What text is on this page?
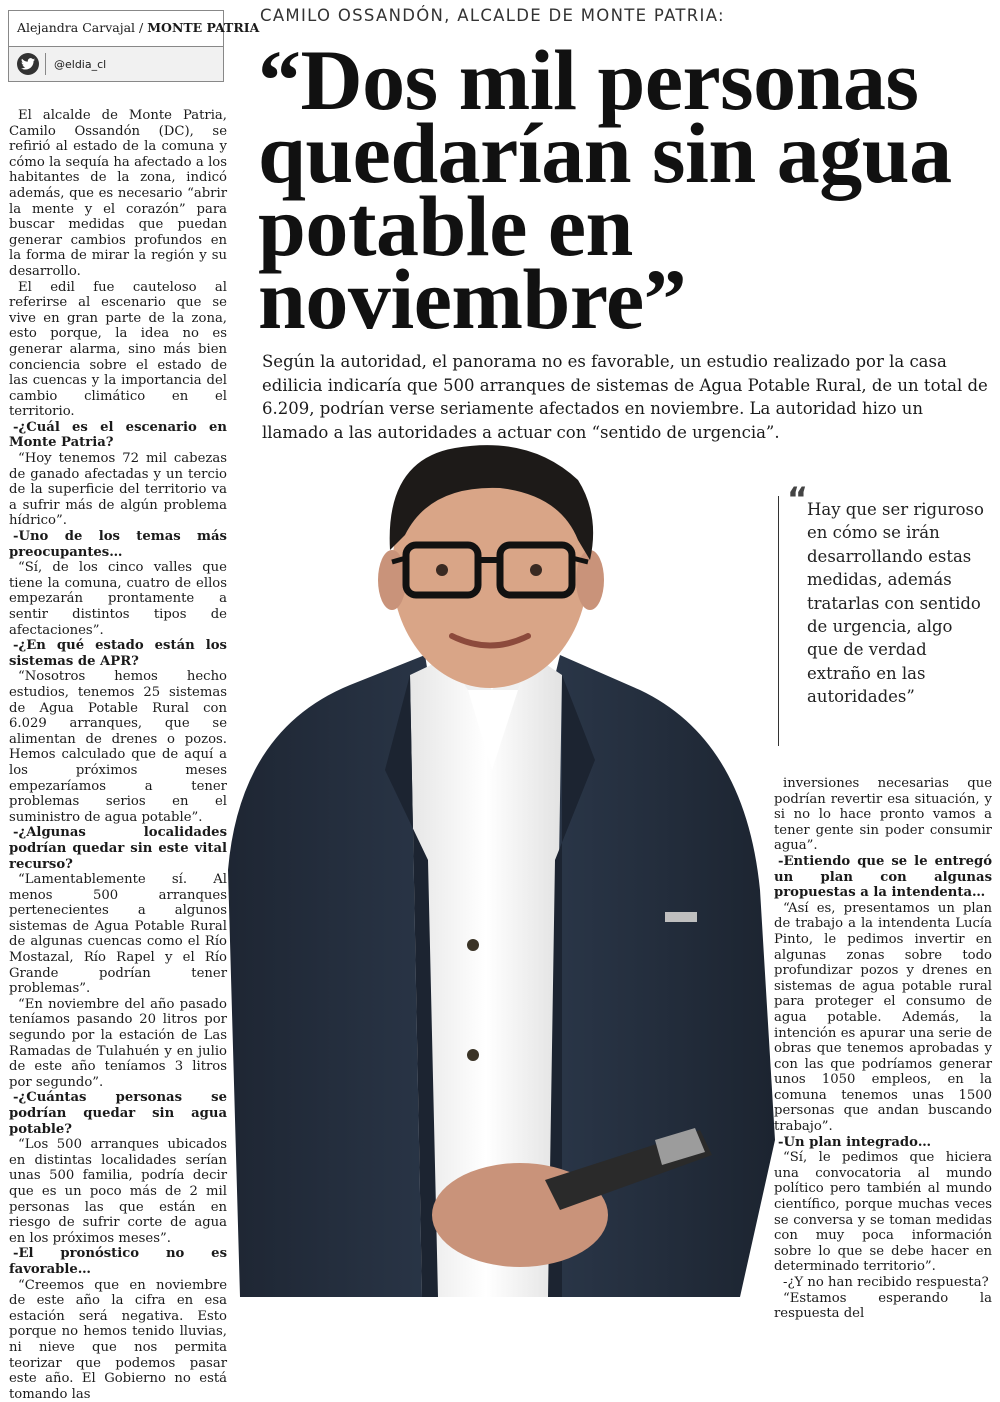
Alejandra Carvajal / MONTE PATRIA
@eldia_cl
CAMILO OSSANDÓN, ALCALDE DE MONTE PATRIA:
“Dos mil personas quedarían sin agua potable en noviembre”

Según la autoridad, el panorama no es favorable, un estudio realizado por la casa edilicia indicaría que 500 arranques de sistemas de Agua Potable Rural, de un total de 6.209, podrían verse seriamente afectados en noviembre. La autoridad hizo un llamado a las autoridades a actuar con “sentido de urgencia”.

El alcalde de Monte Patria, Camilo Ossandón (DC), se refirió al estado de la comuna y cómo la sequía ha afectado a los habitantes de la zona, indicó además, que es necesario “abrir la mente y el corazón” para buscar medidas que puedan generar cambios profundos en la forma de mirar la región y su desarrollo.

El edil fue cauteloso al referirse al escenario que se vive en gran parte de la zona, esto porque, la idea no es generar alarma, sino más bien conciencia sobre el estado de las cuencas y la importancia del cambio climático en el territorio.

-¿Cuál es el escenario en Monte Patria?

“Hoy tenemos 72 mil cabezas de ganado afectadas y un tercio de la superficie del territorio va a sufrir más de algún problema hídrico”.

-Uno de los temas más preocupantes…

“Sí, de los cinco valles que tiene la comuna, cuatro de ellos empezarán prontamente a sentir distintos tipos de afectaciones”.

-¿En qué estado están los sistemas de APR?

“Nosotros hemos hecho estudios, tenemos 25 sistemas de Agua Potable Rural con 6.029 arranques, que se alimentan de drenes o pozos. Hemos calculado que de aquí a los próximos meses empezaríamos a tener problemas serios en el suministro de agua potable”.

-¿Algunas localidades podrían quedar sin este vital recurso?

“Lamentablemente sí. Al menos 500 arranques pertenecientes a algunos sistemas de Agua Potable Rural de algunas cuencas como el Río Mostazal, Río Rapel y el Río Grande podrían tener problemas”.

“En noviembre del año pasado teníamos pasando 20 litros por segundo por la estación de Las Ramadas de Tulahuén y en julio de este año teníamos 3 litros por segundo”.

-¿Cuántas personas se podrían quedar sin agua potable?

“Los 500 arranques ubicados en distintas localidades serían unas 500 familia, podría decir que es un poco más de 2 mil personas las que están en riesgo de sufrir corte de agua en los próximos meses”.

-El pronóstico no es favorable…

“Creemos que en noviembre de este año la cifra en esa estación será negativa. Esto porque no hemos tenido lluvias, ni nieve que nos permita teorizar que podemos pasar este año. El Gobierno no está tomando las

“
Hay que ser riguroso en cómo se irán desarrollando estas medidas, además tratarlas con sentido de urgencia, algo que de verdad extraño en las autoridades”

inversiones necesarias que podrían revertir esa situación, y si no lo hace pronto vamos a tener gente sin poder consumir agua”.

-Entiendo que se le entregó un plan con algunas propuestas a la intendenta…

“Así es, presentamos un plan de trabajo a la intendenta Lucía Pinto, le pedimos invertir en algunas zonas sobre todo profundizar pozos y drenes en sistemas de agua potable rural para proteger el consumo de agua potable. Además, la intención es apurar una serie de obras que tenemos aprobadas y con las que podríamos generar unos 1050 empleos, en la comuna tenemos unas 1500 personas que andan buscando trabajo”.

-Un plan integrado…

“Sí, le pedimos que hiciera una convocatoria al mundo político pero también al mundo científico, porque muchas veces se conversa y se toman medidas con muy poca información sobre lo que se debe hacer en determinado territorio”.

-¿Y no han recibido respuesta?

“Estamos esperando la respuesta del
